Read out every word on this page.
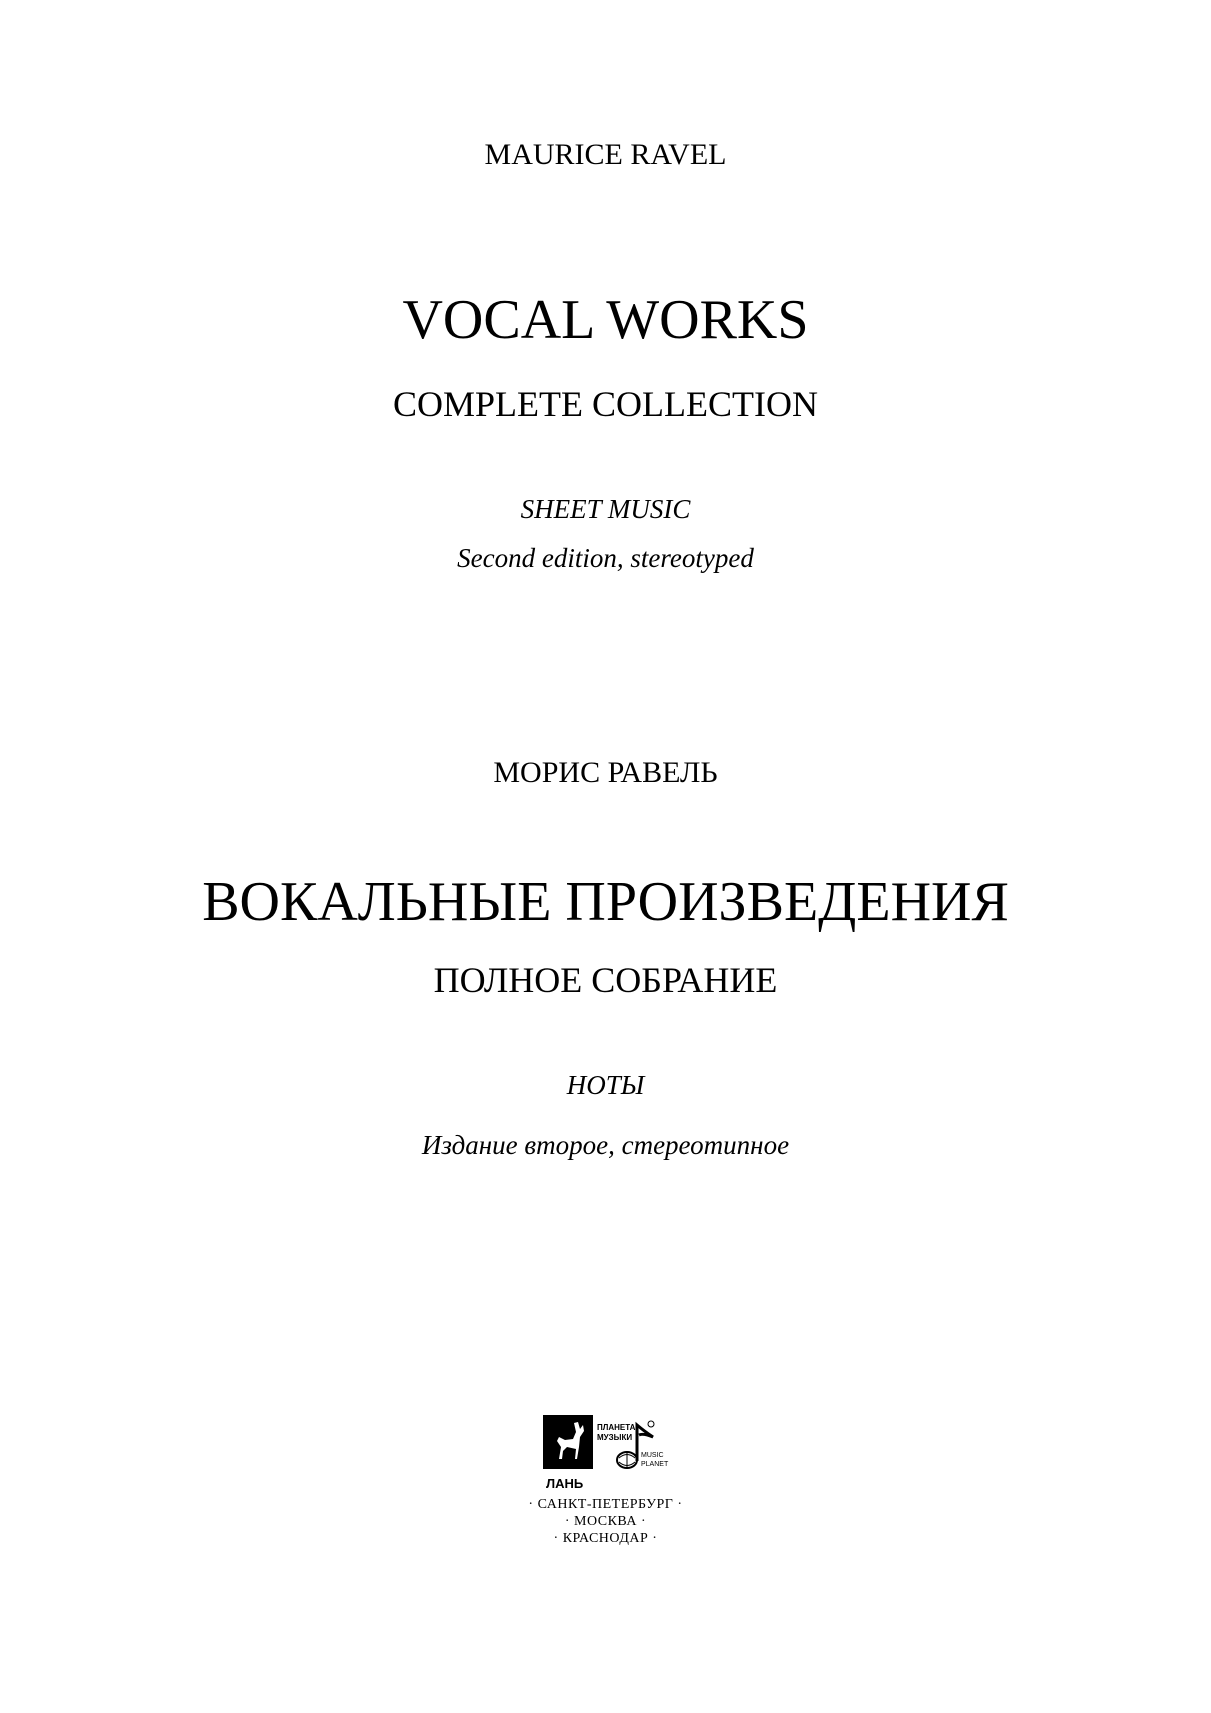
MAURICE RAVEL
VOCAL WORKS
COMPLETE COLLECTION
SHEET MUSIC
Second edition, stereotyped
МОРИС РАВЕЛЬ
ВОКАЛЬНЫЕ ПРОИЗВЕДЕНИЯ
ПОЛНОЕ СОБРАНИЕ
НОТЫ
Издание второе, стереотипное
ЛАНЬ
ПЛАНЕТА
МУЗЫКИ
MUSIC
PLANET
· САНКТ-ПЕТЕРБУРГ ·
· МОСКВА ·
· КРАСНОДАР ·
